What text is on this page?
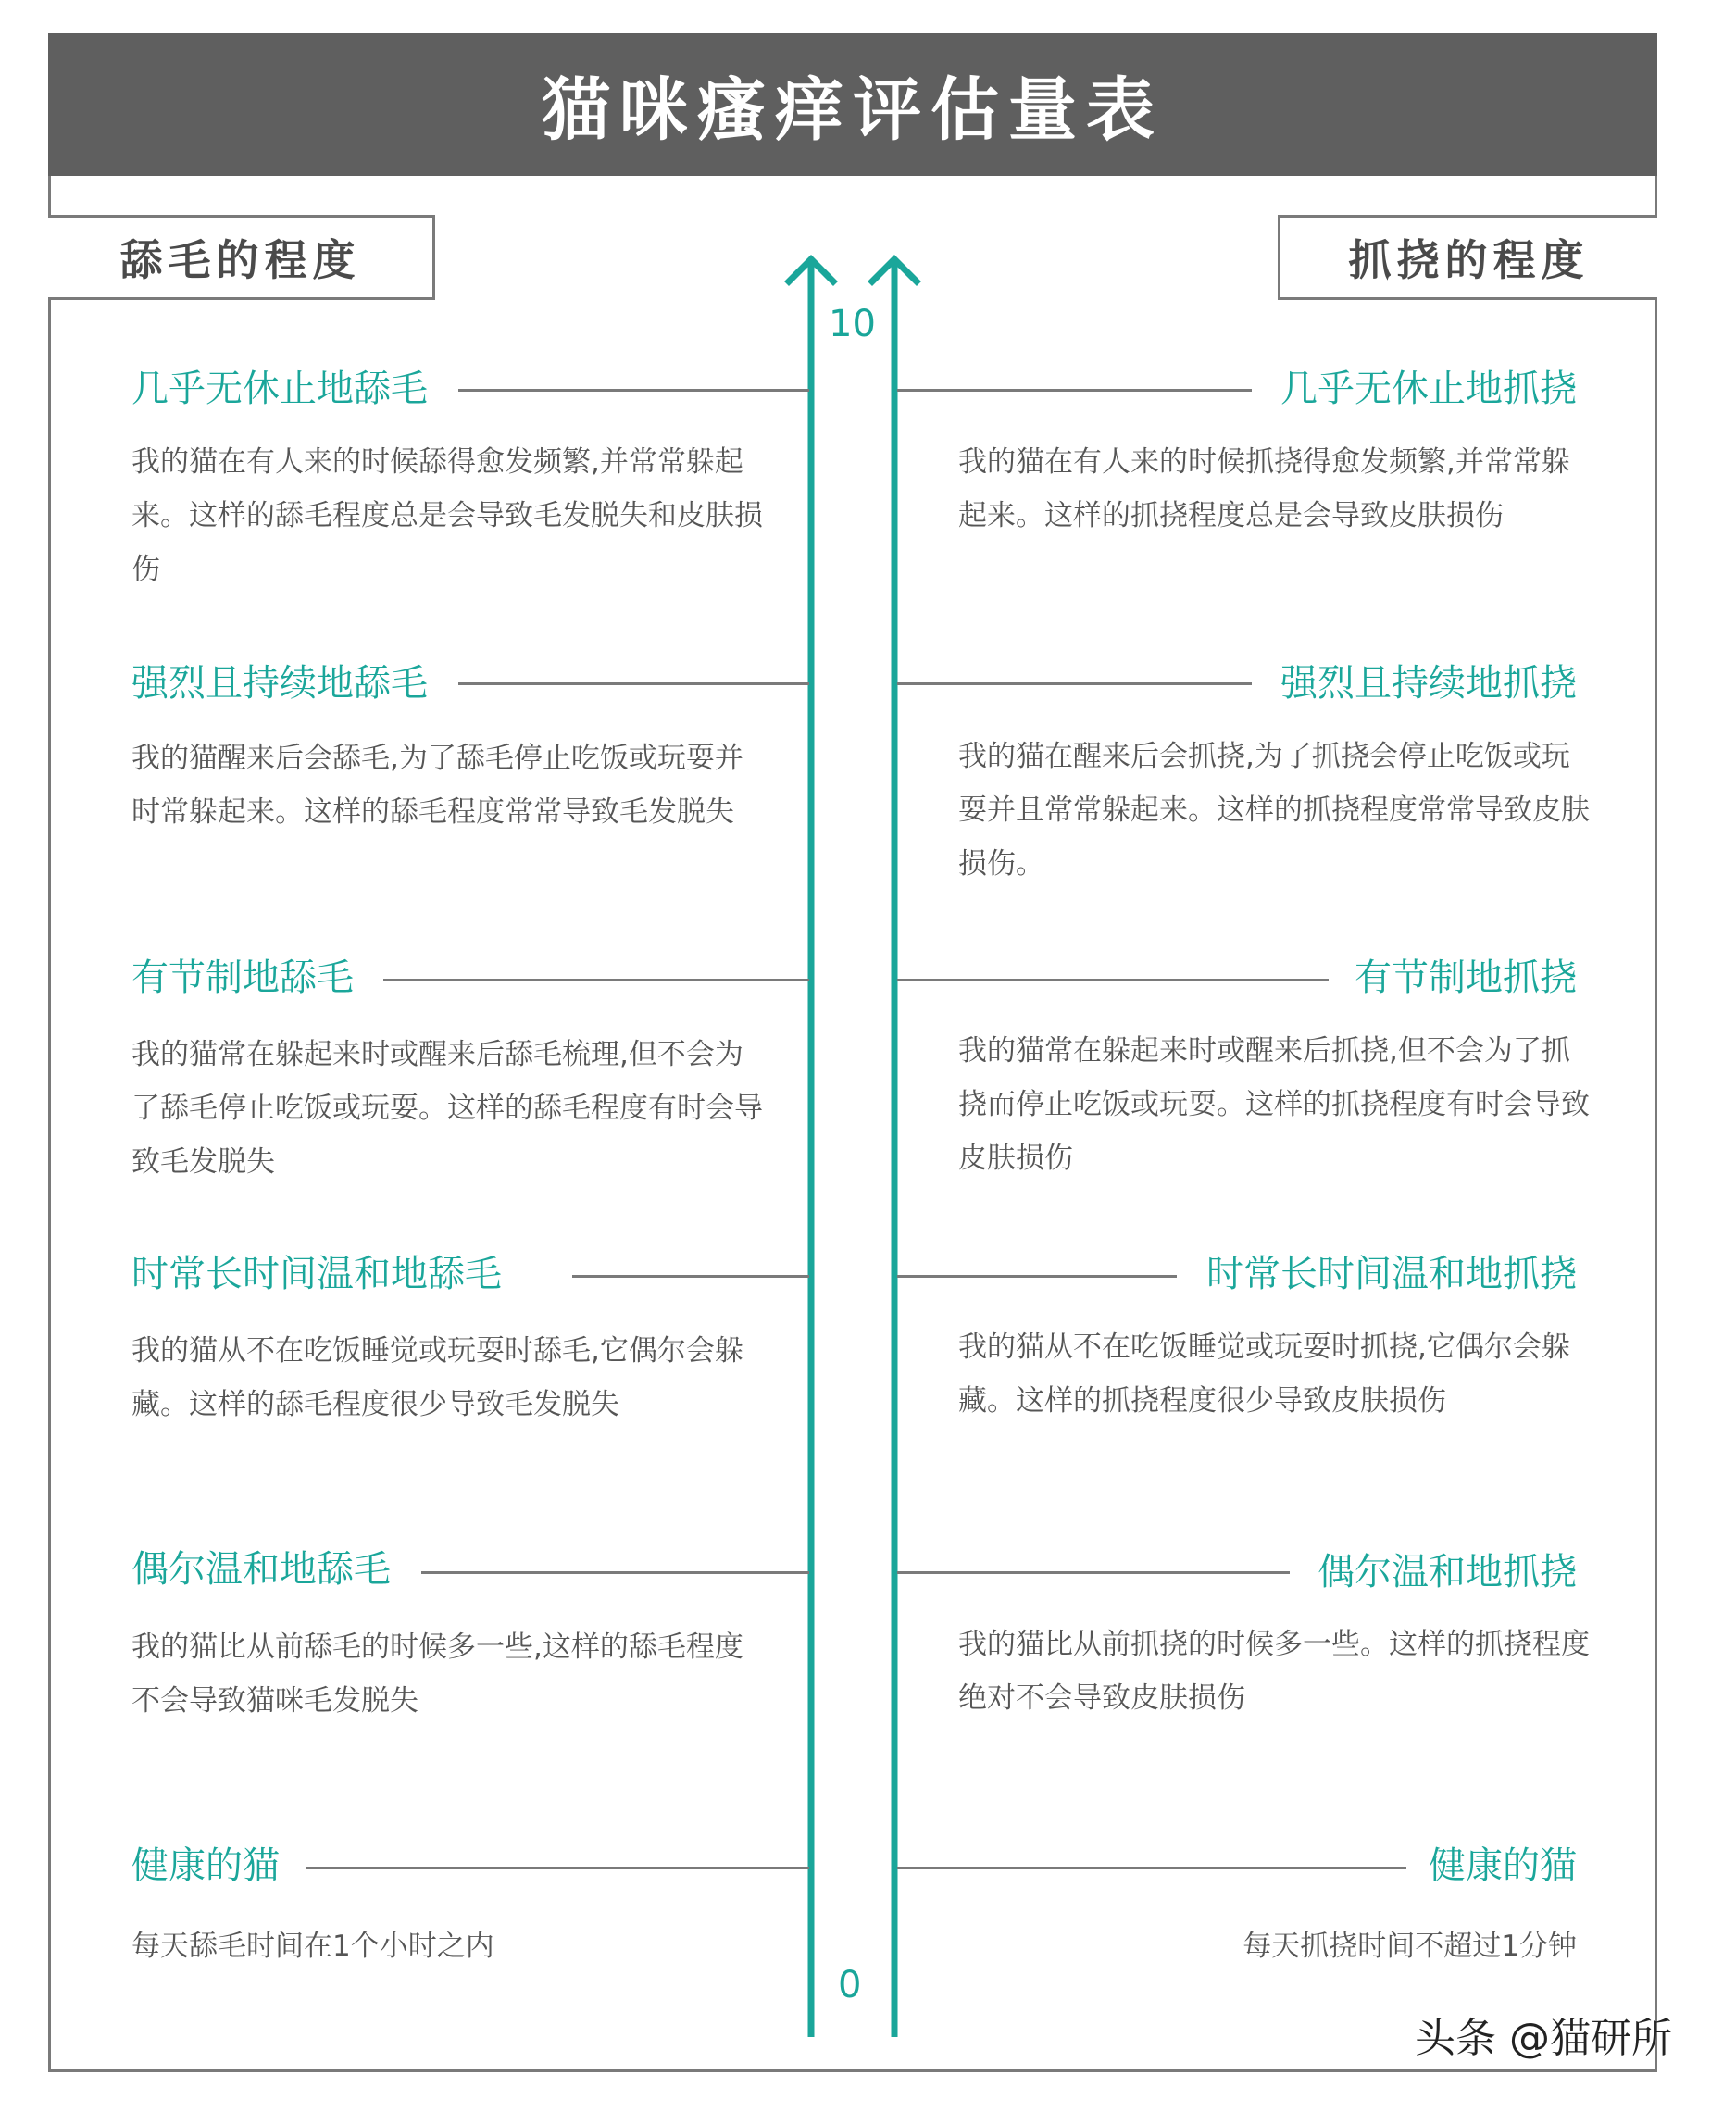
猫咪瘙痒评估量表
舔毛的程度	抓挠的程度
10
0
几乎无休止地舔毛
我的猫在有人来的时候舔得愈发频繁,并常常躲起来。这样的舔毛程度总是会导致毛发脱失和皮肤损伤
几乎无休止地抓挠
我的猫在有人来的时候抓挠得愈发频繁,并常常躲起来。这样的抓挠程度总是会导致皮肤损伤
强烈且持续地舔毛
我的猫醒来后会舔毛,为了舔毛停止吃饭或玩耍并时常躲起来。这样的舔毛程度常常导致毛发脱失
强烈且持续地抓挠
我的猫在醒来后会抓挠,为了抓挠会停止吃饭或玩耍并且常常躲起来。这样的抓挠程度常常导致皮肤损伤。
有节制地舔毛
我的猫常在躲起来时或醒来后舔毛梳理,但不会为了舔毛停止吃饭或玩耍。这样的舔毛程度有时会导致毛发脱失
有节制地抓挠
我的猫常在躲起来时或醒来后抓挠,但不会为了抓挠而停止吃饭或玩耍。这样的抓挠程度有时会导致皮肤损伤
时常长时间温和地舔毛
我的猫从不在吃饭睡觉或玩耍时舔毛,它偶尔会躲藏。这样的舔毛程度很少导致毛发脱失
时常长时间温和地抓挠
我的猫从不在吃饭睡觉或玩耍时抓挠,它偶尔会躲藏。这样的抓挠程度很少导致皮肤损伤
偶尔温和地舔毛
我的猫比从前舔毛的时候多一些,这样的舔毛程度不会导致猫咪毛发脱失
偶尔温和地抓挠
我的猫比从前抓挠的时候多一些。这样的抓挠程度绝对不会导致皮肤损伤
健康的猫
每天舔毛时间在1个小时之内
健康的猫
每天抓挠时间不超过1分钟
头条 @猫研所
